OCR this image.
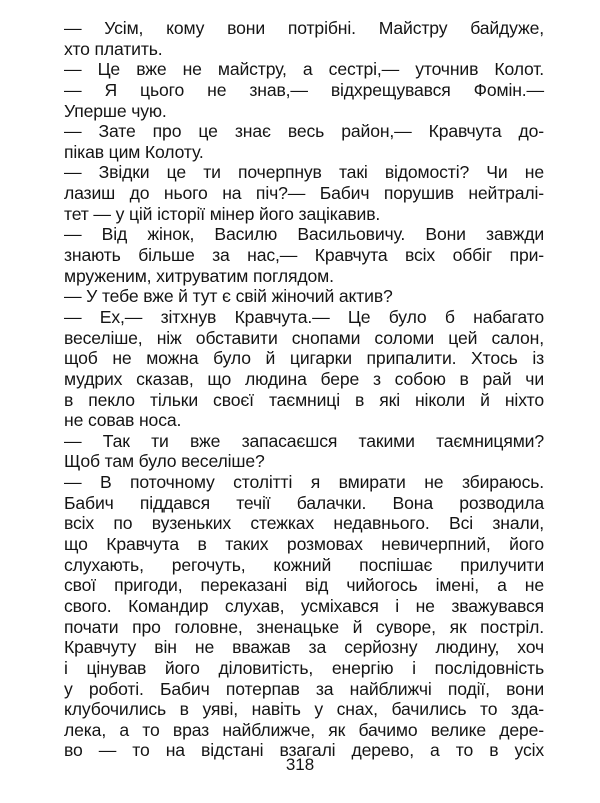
— Усім, кому вони потрібні. Майстру байдуже,
хто платить.
— Це вже не майстру, а сестрі,— уточнив Колот.
— Я цього не знав,— відхрещувався Фомін.—
Уперше чую.
— Зате про це знає весь район,— Кравчута до-
пікав цим Колоту.
— Звідки це ти почерпнув такі відомості? Чи не
лазиш до нього на піч?— Бабич порушив нейтралі-
тет — у цій історії мінер його зацікавив.
— Від жінок, Василю Васильовичу. Вони завжди
знають більше за нас,— Кравчута всіх оббіг при-
мруженим, хитруватим поглядом.
— У тебе вже й тут є свій жіночий актив?
— Ех,— зітхнув Кравчута.— Це було б набагато
веселіше, ніж обставити снопами соломи цей салон,
щоб не можна було й цигарки припалити. Хтось із
мудрих сказав, що людина бере з собою в рай чи
в пекло тільки своєї таємниці в які ніколи й ніхто
не совав носа.
— Так ти вже запасаєшся такими таємницями?
Щоб там було веселіше?
— В поточному столітті я вмирати не збираюсь.
Бабич піддався течії балачки. Вона розводила
всіх по вузеньких стежках недавнього. Всі знали,
що Кравчута в таких розмовах невичерпний, його
слухають, регочуть, кожний поспішає прилучити
свої пригоди, переказані від чийогось імені, а не
свого. Командир слухав, усміхався і не зважувався
почати про головне, зненацьке й суворе, як постріл.
Кравчуту він не вважав за серйозну людину, хоч
і цінував його діловитість, енергію і послідовність
у роботі. Бабич потерпав за найближчі події, вони
клубочились в уяві, навіть у снах, бачились то зда-
лека, а то враз найближче, як бачимо велике дере-
во — то на відстані взагалі дерево, а то в усіх
318
